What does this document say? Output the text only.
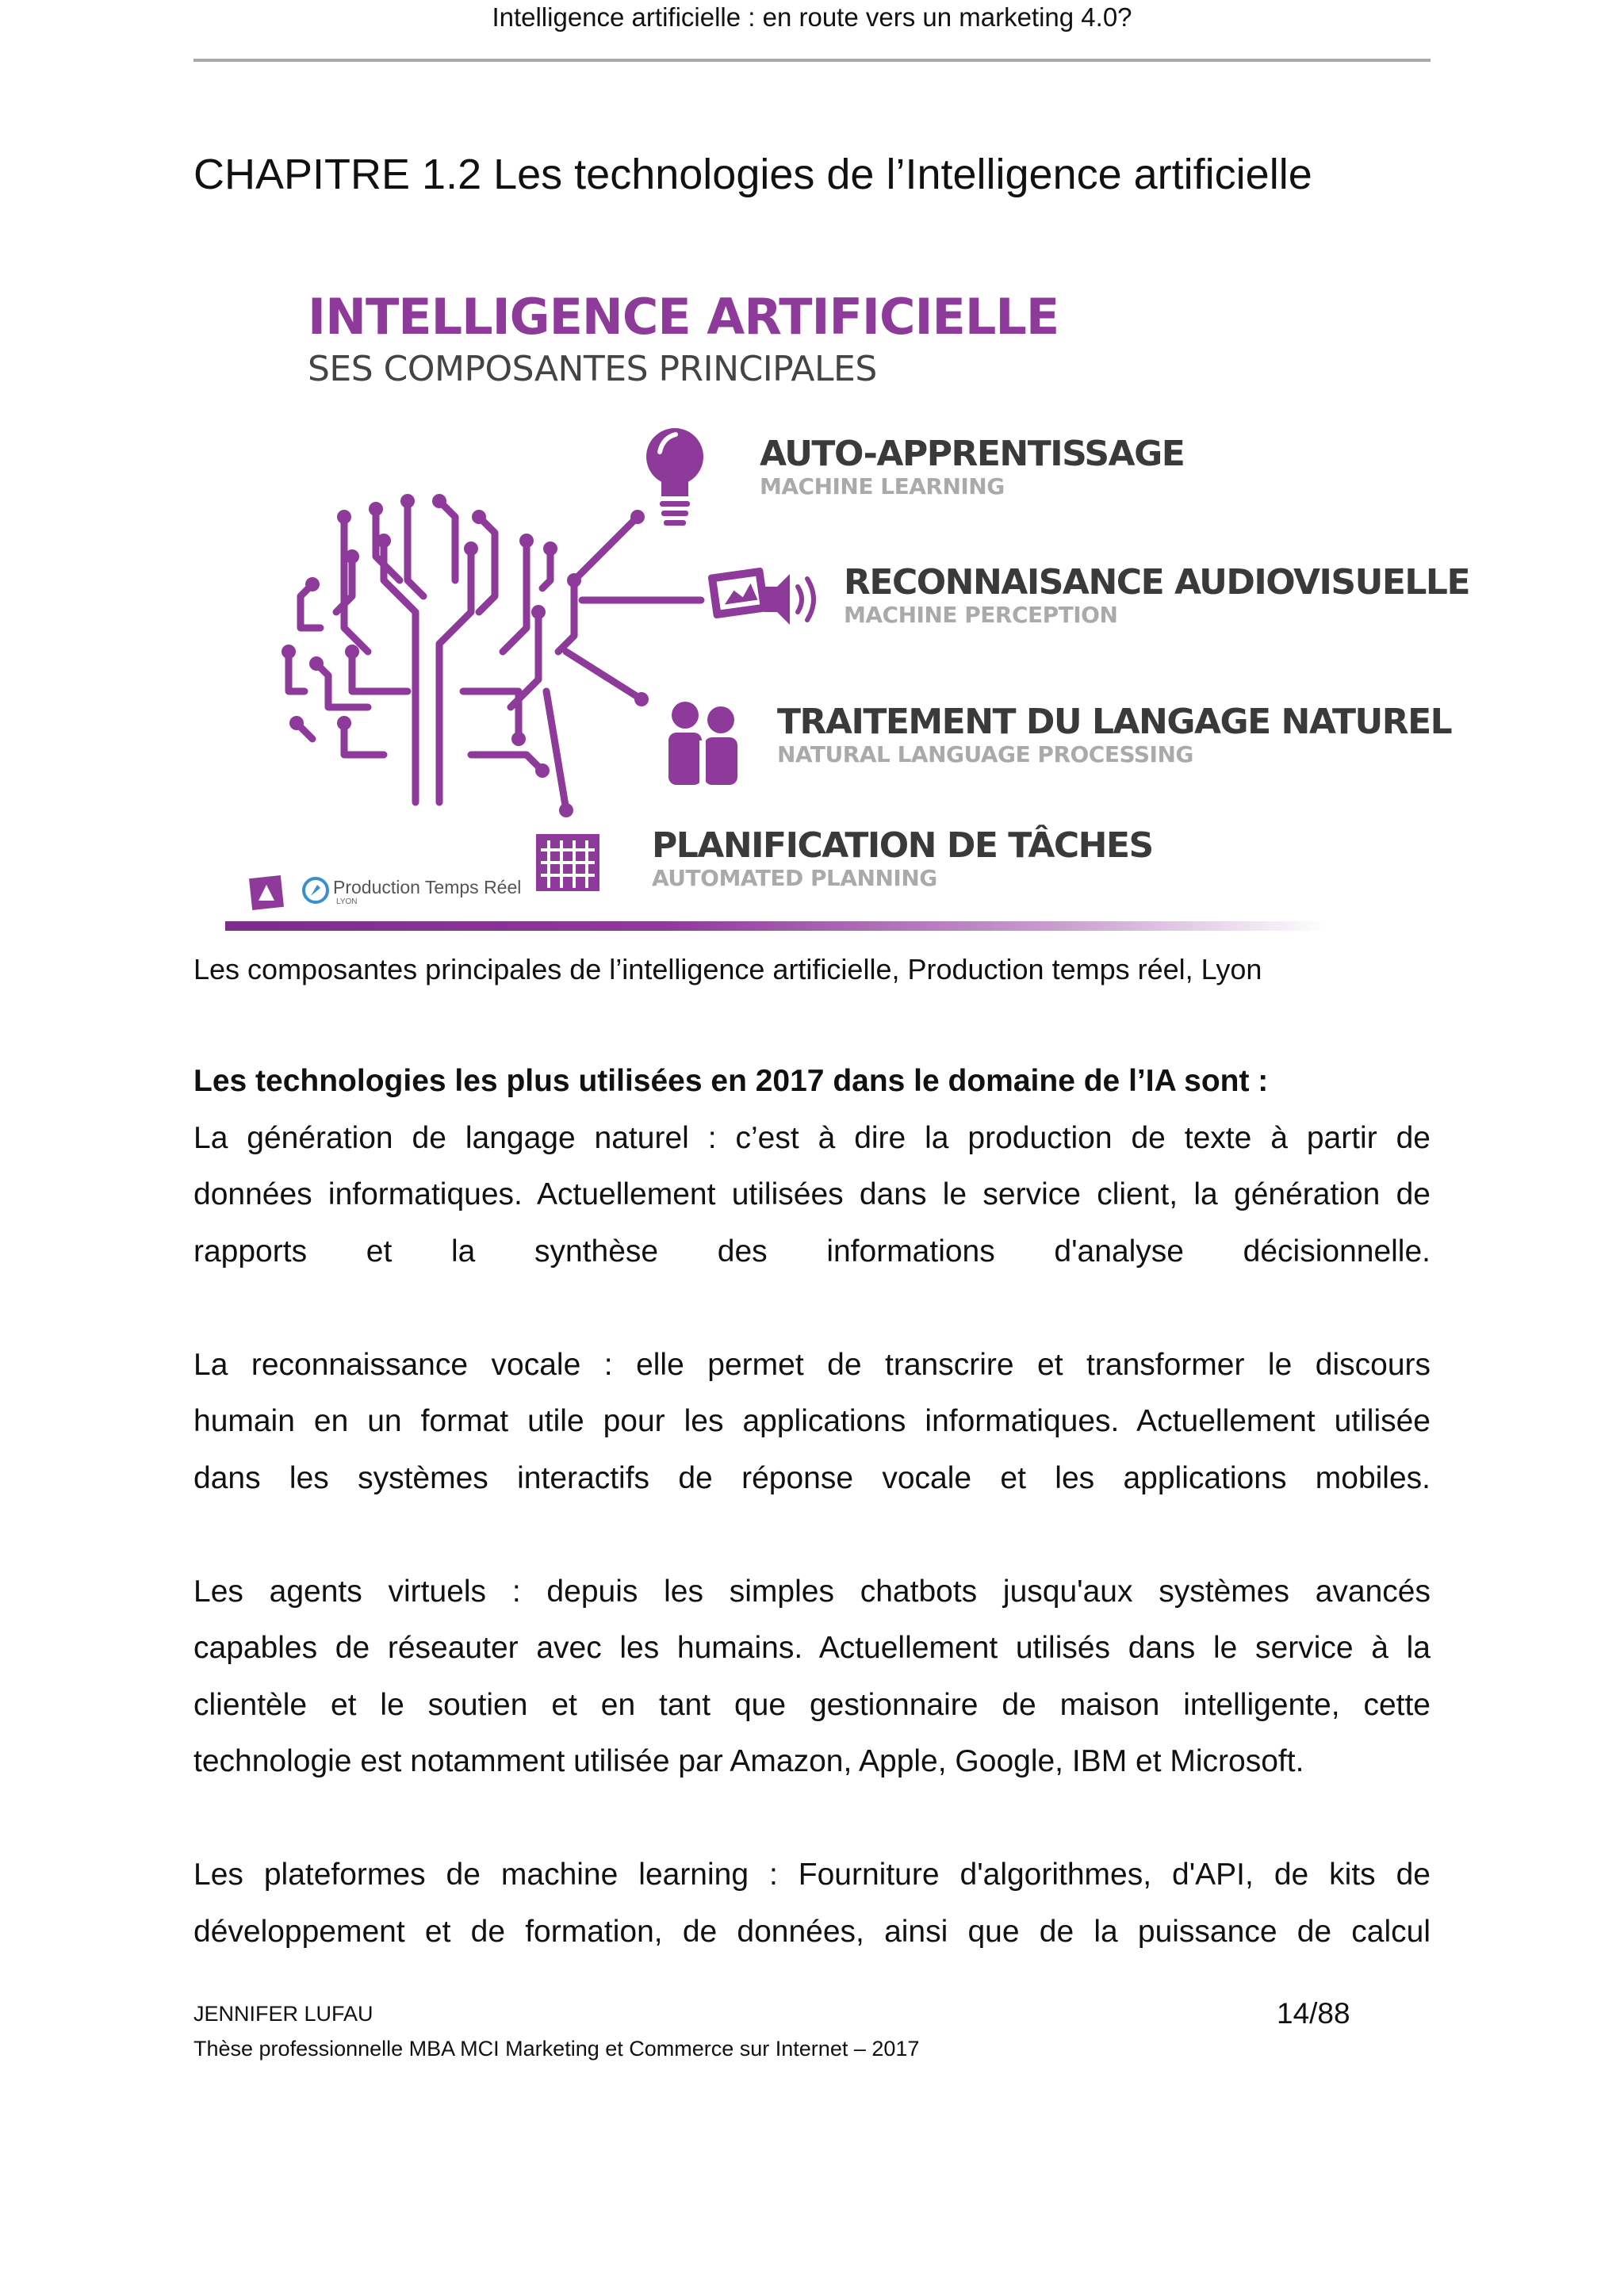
Intelligence artificielle : en route vers un marketing 4.0?
CHAPITRE 1.2 Les technologies de l’Intelligence artificielle
INTELLIGENCE ARTIFICIELLE
SES COMPOSANTES PRINCIPALES
AUTO-APPRENTISSAGE
MACHINE LEARNING
RECONNAISANCE AUDIOVISUELLE
MACHINE PERCEPTION
TRAITEMENT DU LANGAGE NATUREL
NATURAL LANGUAGE PROCESSING
PLANIFICATION DE TÂCHES
AUTOMATED PLANNING
Production Temps Réel
LYON
Les composantes principales de l’intelligence artificielle, Production temps réel, Lyon

Les technologies les plus utilisées en 2017 dans le domaine de l’IA sont :

La génération de langage naturel : c’est à dire la production de texte à partir de

données informatiques. Actuellement utilisées dans le service client, la génération de

rapports et la synthèse des informations d'analyse décisionnelle.

La reconnaissance vocale : elle permet de transcrire et transformer le discours

humain en un format utile pour les applications informatiques. Actuellement utilisée

dans les systèmes interactifs de réponse vocale et les applications mobiles.

Les agents virtuels : depuis les simples chatbots jusqu'aux systèmes avancés

capables de réseauter avec les humains. Actuellement utilisés dans le service à la

clientèle et le soutien et en tant que gestionnaire de maison intelligente, cette

technologie est notamment utilisée par Amazon, Apple, Google, IBM et Microsoft.

Les plateformes de machine learning : Fourniture d'algorithmes, d'API, de kits de

développement et de formation, de données, ainsi que de la puissance de calcul

JENNIFER LUFAU
Thèse professionnelle MBA MCI Marketing et Commerce sur Internet – 2017
14/88
